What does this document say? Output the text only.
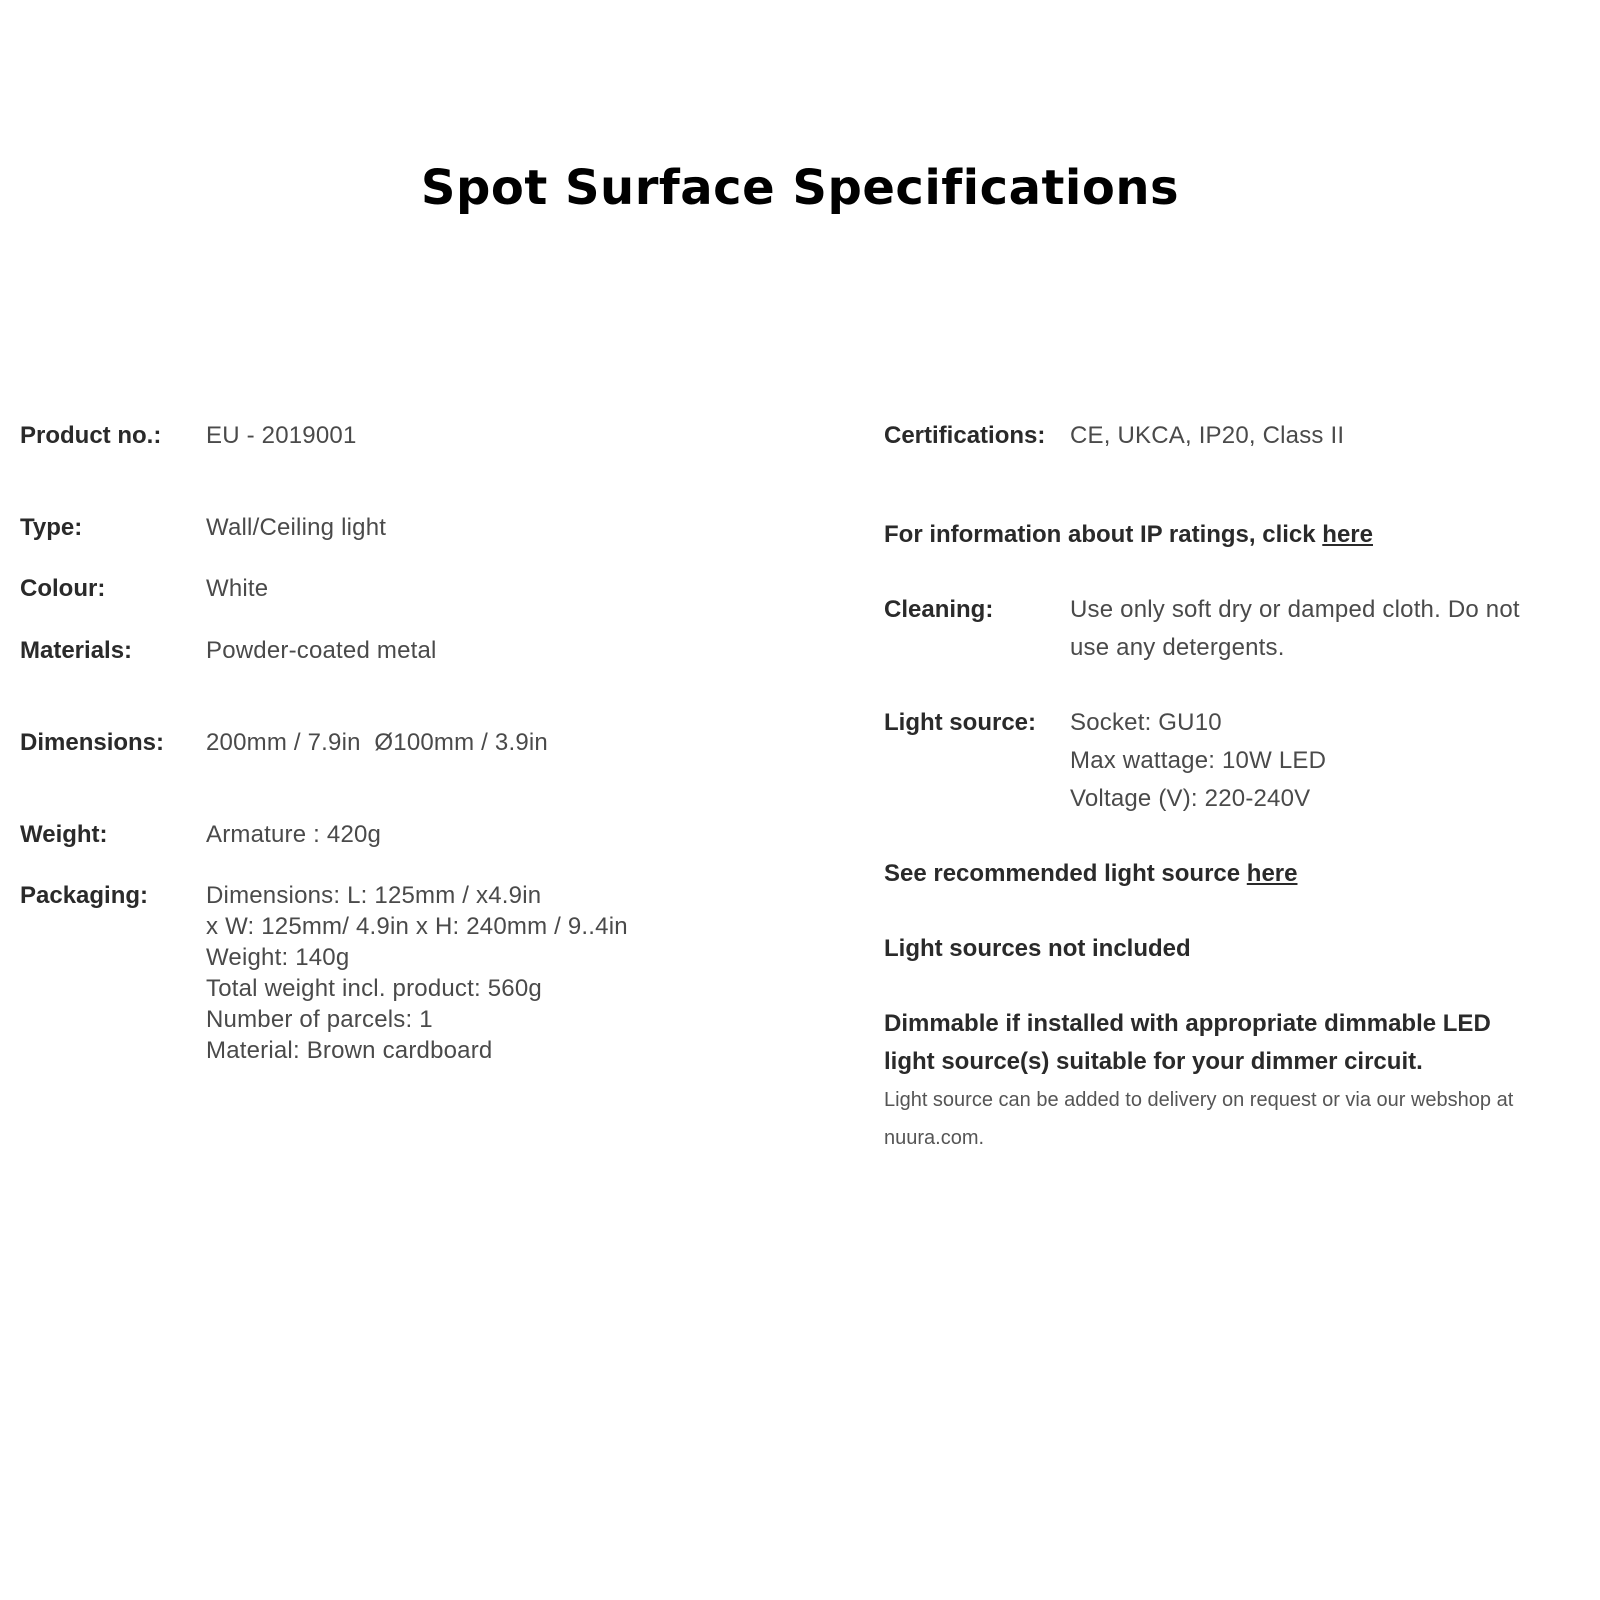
Spot Surface Specifications
Product no.:	EU - 2019001
Type:	Wall/Ceiling light
Colour:	White
Materials:	Powder-coated metal
Dimensions:	200mm / 7.9in  Ø100mm / 3.9in
Weight:	Armature : 420g
Packaging:	Dimensions: L: 125mm / x4.9in
x W: 125mm/ 4.9in x H: 240mm / 9..4in
Weight: 140g
Total weight incl. product: 560g
Number of parcels: 1
Material: Brown cardboard
Certifications:	CE, UKCA, IP20, Class II
For information about IP ratings, click here
Cleaning:	Use only soft dry or damped cloth. Do not
use any detergents.
Light source:	Socket: GU10
Max wattage: 10W LED
Voltage (V): 220-240V
See recommended light source here
Light sources not included
Dimmable if installed with appropriate dimmable LED
light source(s) suitable for your dimmer circuit.
Light source can be added to delivery on request or via our webshop at
nuura.com.
